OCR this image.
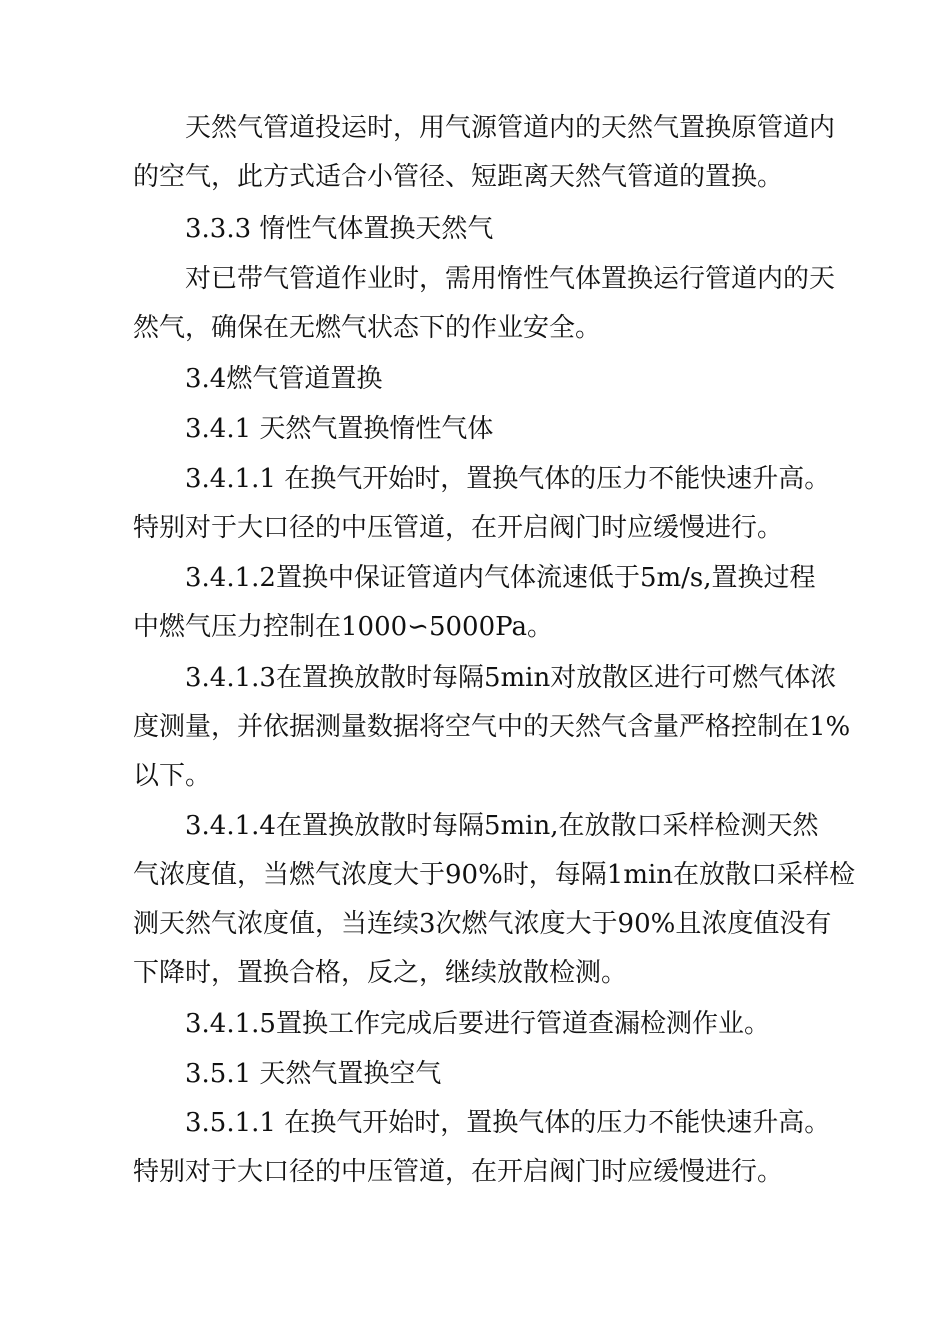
天然气管道投运时，用气源管道内的天然气置换原管道内
的空气，此方式适合小管径、短距离天然气管道的置换。
3.3.3 惰性气体置换天然气
对已带气管道作业时，需用惰性气体置换运行管道内的天
然气，确保在无燃气状态下的作业安全。
3.4燃气管道置换
3.4.1 天然气置换惰性气体
3.4.1.1 在换气开始时，置换气体的压力不能快速升高。
特别对于大口径的中压管道，在开启阀门时应缓慢进行。
3.4.1.2置换中保证管道内气体流速低于5m/s,置换过程
中燃气压力控制在1000∽5000Pa。
3.4.1.3在置换放散时每隔5min对放散区进行可燃气体浓
度测量，并依据测量数据将空气中的天然气含量严格控制在1%
以下。
3.4.1.4在置换放散时每隔5min,在放散口采样检测天然
气浓度值，当燃气浓度大于90%时，每隔1min在放散口采样检
测天然气浓度值，当连续3次燃气浓度大于90%且浓度值没有
下降时，置换合格，反之，继续放散检测。
3.4.1.5置换工作完成后要进行管道查漏检测作业。
3.5.1 天然气置换空气
3.5.1.1 在换气开始时，置换气体的压力不能快速升高。
特别对于大口径的中压管道，在开启阀门时应缓慢进行。
